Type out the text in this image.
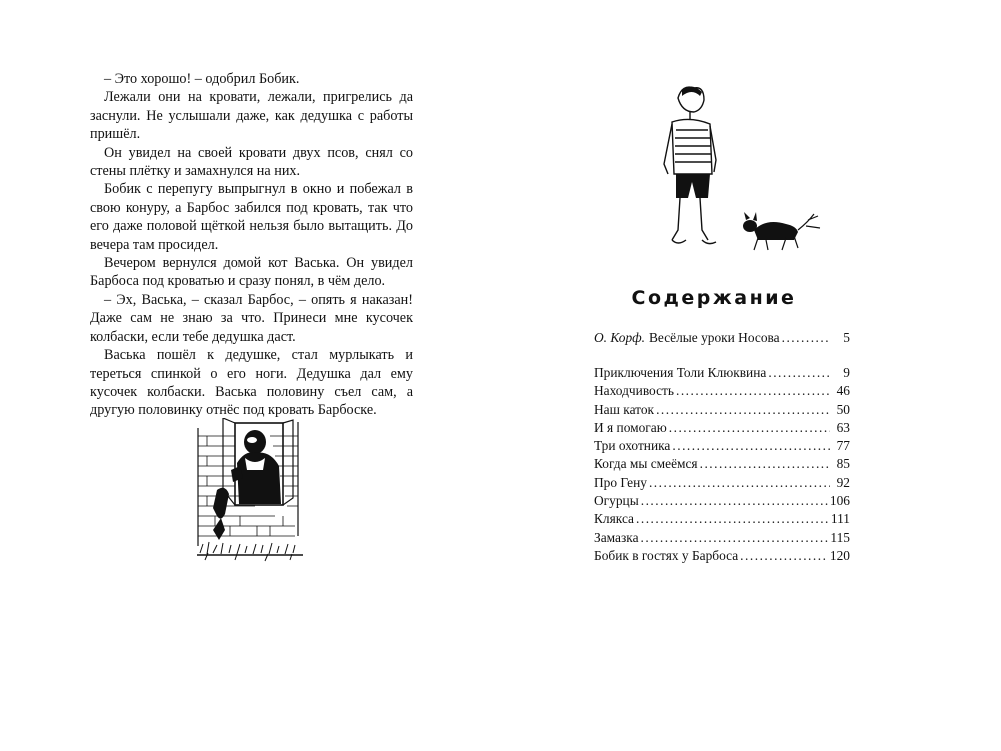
– Это хорошо! – одобрил Бобик.

Лежали они на кровати, лежали, пригрелись да заснули. Не услышали даже, как дедушка с работы пришёл.

Он увидел на своей кровати двух псов, снял со стены плётку и замахнулся на них.

Бобик с перепугу выпрыгнул в окно и побежал в свою конуру, а Барбос забился под кровать, так что его даже половой щёткой нельзя было вытащить. До вечера там просидел.

Вечером вернулся домой кот Васька. Он увидел Барбоса под кроватью и сразу понял, в чём дело.

– Эх, Васька, – сказал Барбос, – опять я наказан! Даже сам не знаю за что. Принеси мне кусочек колбаски, если тебе дедушка даст.

Васька пошёл к дедушке, стал мурлыкать и тереться спинкой о его ноги. Дедушка дал ему кусочек колбаски. Васька половину съел сам, а другую половинку отнёс под кровать Барбоске.

Содержание
О. Корф. Весёлые уроки Носова .....	5
Приключения Толи Клюквина .....	9
Находчивость .....	46
Наш каток .....	50
И я помогаю .....	63
Три охотника .....	77
Когда мы смеёмся .....	85
Про Гену .....	92
Огурцы .....	106
Клякса .....	111
Замазка .....	115
Бобик в гостях у Барбоса .....	120
